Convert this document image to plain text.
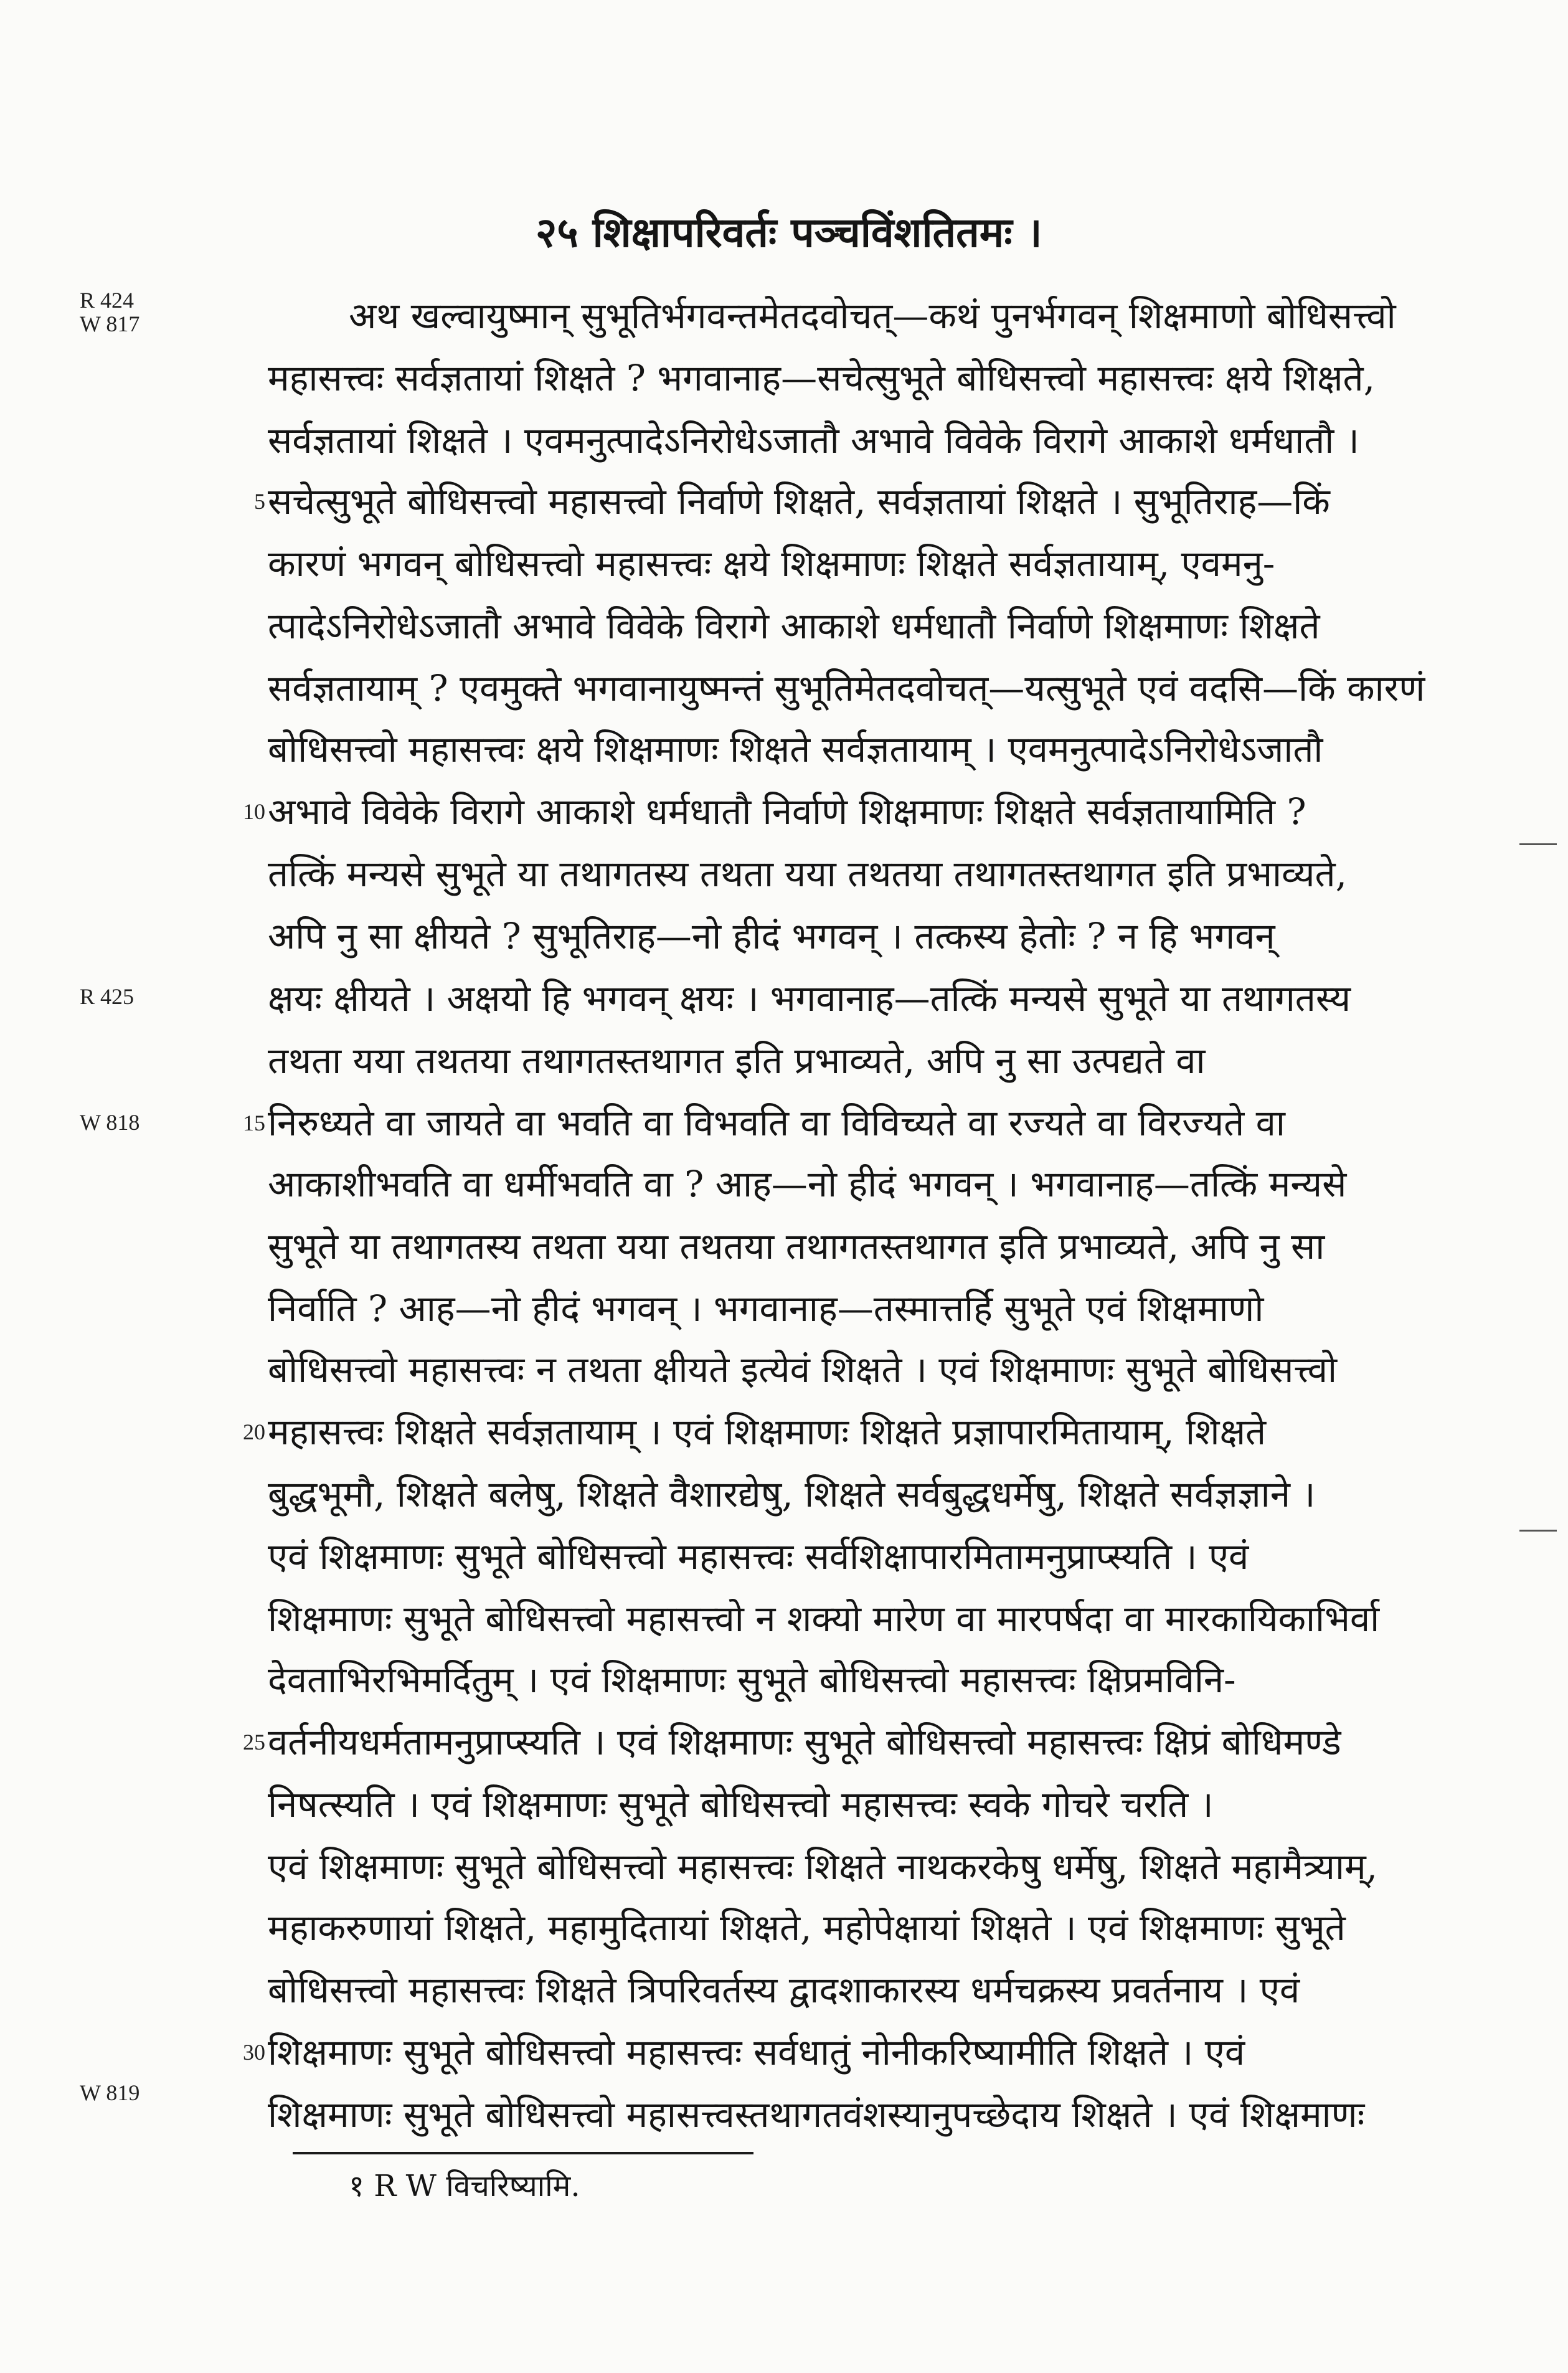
२५ शिक्षापरिवर्तः पञ्चविंशतितमः ।
R 424
W 817
R 425
W 818
W 819
5
10
15
20
25
30
अथ खल्वायुष्मान् सुभूतिर्भगवन्तमेतदवोचत्—कथं पुनर्भगवन् शिक्षमाणो बोधिसत्त्वो
महासत्त्वः सर्वज्ञतायां शिक्षते ? भगवानाह—सचेत्सुभूते बोधिसत्त्वो महासत्त्वः क्षये शिक्षते,
सर्वज्ञतायां शिक्षते । एवमनुत्पादेऽनिरोधेऽजातौ अभावे विवेके विरागे आकाशे धर्मधातौ ।
सचेत्सुभूते बोधिसत्त्वो महासत्त्वो निर्वाणे शिक्षते, सर्वज्ञतायां शिक्षते । सुभूतिराह—किं
कारणं भगवन् बोधिसत्त्वो महासत्त्वः क्षये शिक्षमाणः शिक्षते सर्वज्ञतायाम्, एवमनु-
त्पादेऽनिरोधेऽजातौ अभावे विवेके विरागे आकाशे धर्मधातौ निर्वाणे शिक्षमाणः शिक्षते
सर्वज्ञतायाम् ? एवमुक्ते भगवानायुष्मन्तं सुभूतिमेतदवोचत्—यत्सुभूते एवं वदसि—किं कारणं
बोधिसत्त्वो महासत्त्वः क्षये शिक्षमाणः शिक्षते सर्वज्ञतायाम् । एवमनुत्पादेऽनिरोधेऽजातौ
अभावे विवेके विरागे आकाशे धर्मधातौ निर्वाणे शिक्षमाणः शिक्षते सर्वज्ञतायामिति ?
तत्किं मन्यसे सुभूते या तथागतस्य तथता यया तथतया तथागतस्तथागत इति प्रभाव्यते,
अपि नु सा क्षीयते ? सुभूतिराह—नो हीदं भगवन् । तत्कस्य हेतोः ? न हि भगवन्
क्षयः क्षीयते । अक्षयो हि भगवन् क्षयः । भगवानाह—तत्किं मन्यसे सुभूते या तथागतस्य
तथता यया तथतया तथागतस्तथागत इति प्रभाव्यते, अपि नु सा उत्पद्यते वा
निरुध्यते वा जायते वा भवति वा विभवति वा विविच्यते वा रज्यते वा विरज्यते वा
आकाशीभवति वा धर्मीभवति वा ? आह—नो हीदं भगवन् । भगवानाह—तत्किं मन्यसे
सुभूते या तथागतस्य तथता यया तथतया तथागतस्तथागत इति प्रभाव्यते, अपि नु सा
निर्वाति ? आह—नो हीदं भगवन् । भगवानाह—तस्मात्तर्हि सुभूते एवं शिक्षमाणो
बोधिसत्त्वो महासत्त्वः न तथता क्षीयते इत्येवं शिक्षते । एवं शिक्षमाणः सुभूते बोधिसत्त्वो
महासत्त्वः शिक्षते सर्वज्ञतायाम् । एवं शिक्षमाणः शिक्षते प्रज्ञापारमितायाम्, शिक्षते
बुद्धभूमौ, शिक्षते बलेषु, शिक्षते वैशारद्येषु, शिक्षते सर्वबुद्धधर्मेषु, शिक्षते सर्वज्ञज्ञाने ।
एवं शिक्षमाणः सुभूते बोधिसत्त्वो महासत्त्वः सर्वशिक्षापारमितामनुप्राप्स्यति । एवं
शिक्षमाणः सुभूते बोधिसत्त्वो महासत्त्वो न शक्यो मारेण वा मारपर्षदा वा मारकायिकाभिर्वा
देवताभिरभिमर्दितुम् । एवं शिक्षमाणः सुभूते बोधिसत्त्वो महासत्त्वः क्षिप्रमविनि-
वर्तनीयधर्मतामनुप्राप्स्यति । एवं शिक्षमाणः सुभूते बोधिसत्त्वो महासत्त्वः क्षिप्रं बोधिमण्डे
निषत्स्यति । एवं शिक्षमाणः सुभूते बोधिसत्त्वो महासत्त्वः स्वके गोचरे चरति ।
एवं शिक्षमाणः सुभूते बोधिसत्त्वो महासत्त्वः शिक्षते नाथकरकेषु धर्मेषु, शिक्षते महामैत्र्याम्,
महाकरुणायां शिक्षते, महामुदितायां शिक्षते, महोपेक्षायां शिक्षते । एवं शिक्षमाणः सुभूते
बोधिसत्त्वो महासत्त्वः शिक्षते त्रिपरिवर्तस्य द्वादशाकारस्य धर्मचक्रस्य प्रवर्तनाय । एवं
शिक्षमाणः सुभूते बोधिसत्त्वो महासत्त्वः सर्वधातुं नोनीकरिष्यामीति शिक्षते । एवं
शिक्षमाणः सुभूते बोधिसत्त्वो महासत्त्वस्तथागतवंशस्यानुपच्छेदाय शिक्षते । एवं शिक्षमाणः
१ R W विचरिष्यामि.
